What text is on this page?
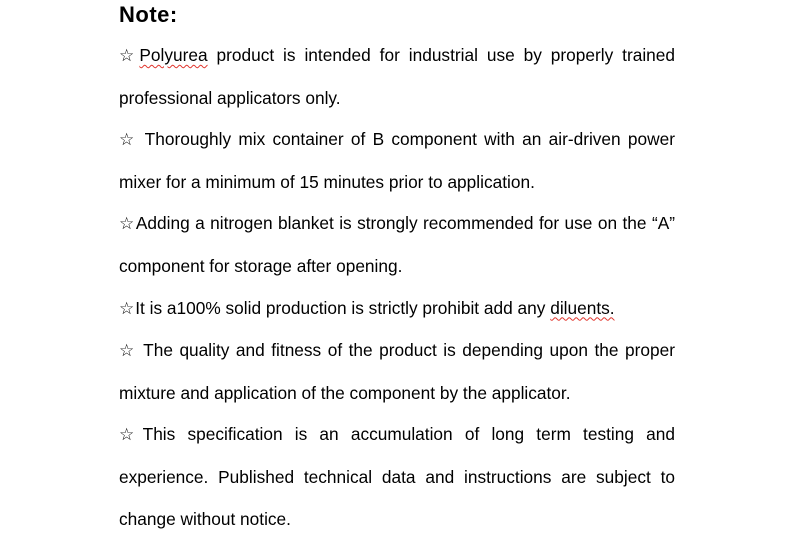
Note:
☆Polyurea product is intended for industrial use by properly trained professional applicators only.
☆ Thoroughly mix container of B component with an air-driven power mixer for a minimum of 15 minutes prior to application.
☆Adding a nitrogen blanket is strongly recommended for use on the “A” component for storage after opening.
☆It is a100% solid production is strictly prohibit add any diluents.
☆ The quality and fitness of the product is depending upon the proper mixture and application of the component by the applicator.
☆This specification is an accumulation of long term testing and experience. Published technical data and instructions are subject to change without notice.
